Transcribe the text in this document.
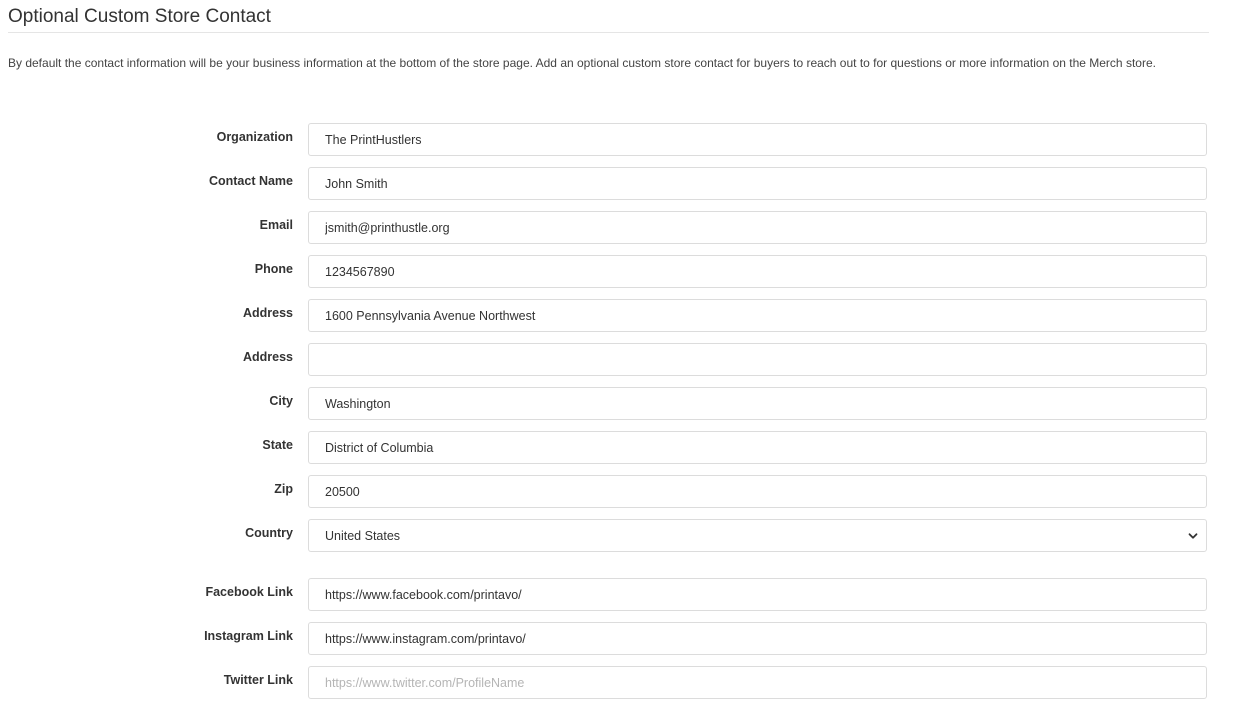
Optional Custom Store Contact

By default the contact information will be your business information at the bottom of the store page. Add an optional custom store contact for buyers to reach out to for questions or more information on the Merch store.

Organization
The PrintHustlers
Contact Name
John Smith
Email
jsmith@printhustle.org
Phone
1234567890
Address
1600 Pennsylvania Avenue Northwest
Address
City
Washington
State
District of Columbia
Zip
20500
Country	United States
Facebook Link
https://www.facebook.com/printavo/
Instagram Link
https://www.instagram.com/printavo/
Twitter Link
https://www.twitter.com/ProfileName
